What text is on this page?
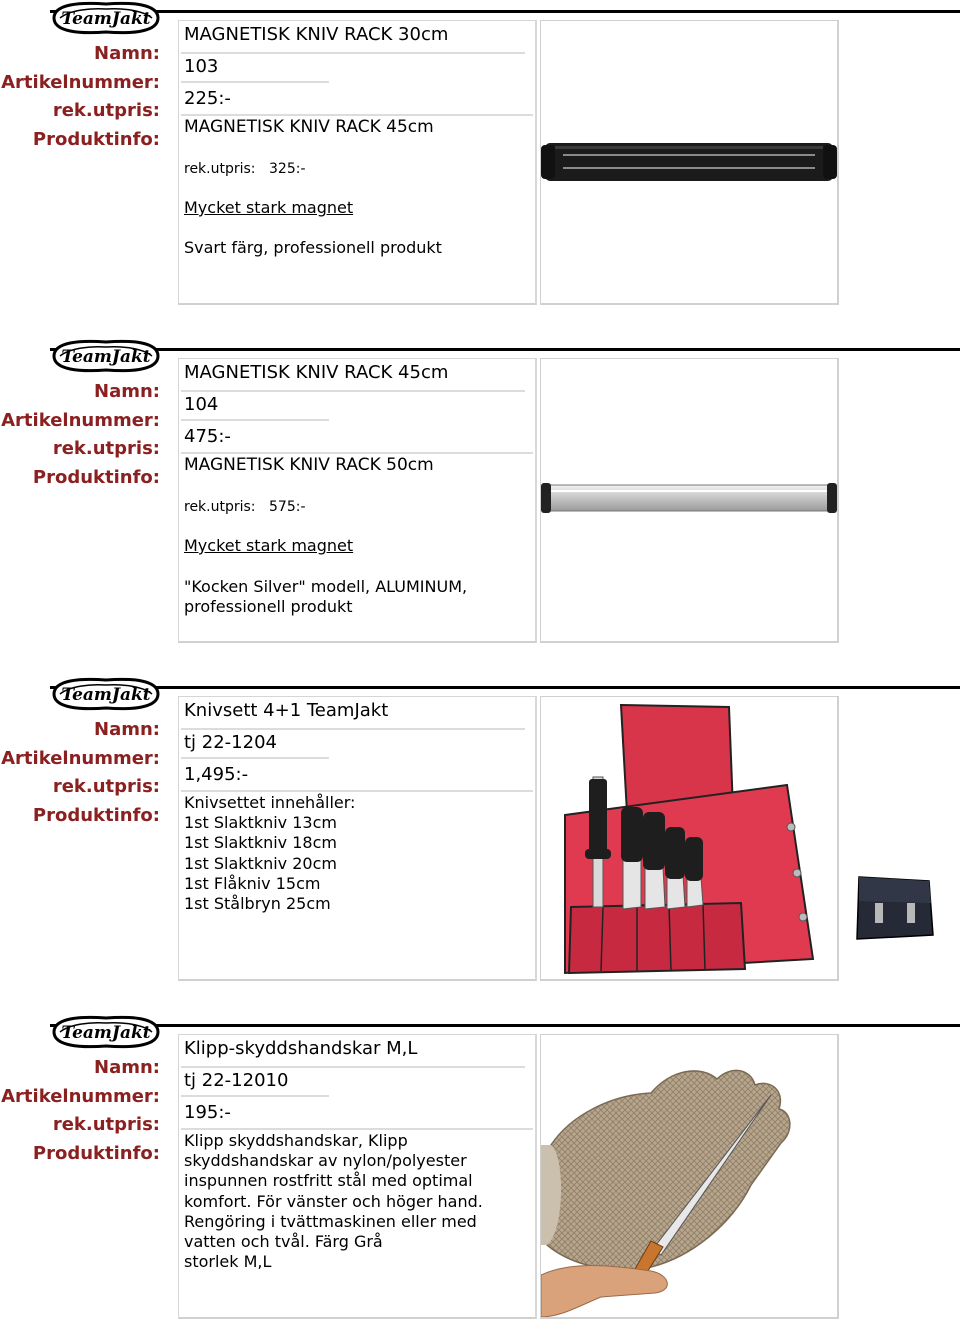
Namn:
Artikelnummer:
rek.utpris:
Produktinfo:
MAGNETISK KNIV RACK 30cm
103
225:-
MAGNETISK KNIV RACK 45cm
rek.utpris: 325:-
Mycket stark magnet
Svart färg, professionell produkt
Namn:
Artikelnummer:
rek.utpris:
Produktinfo:
MAGNETISK KNIV RACK 45cm
104
475:-
MAGNETISK KNIV RACK 50cm
rek.utpris: 575:-
Mycket stark magnet
"Kocken Silver" modell, ALUMINUM,
professionell produkt
Namn:
Artikelnummer:
rek.utpris:
Produktinfo:
Knivsett 4+1 TeamJakt
tj 22-1204
1,495:-
Knivsettet innehåller:
1st Slaktkniv 13cm
1st Slaktkniv 18cm
1st Slaktkniv 20cm
1st Flåkniv 15cm
1st Stålbryn 25cm
Namn:
Artikelnummer:
rek.utpris:
Produktinfo:
Klipp-skyddshandskar M,L
tj 22-12010
195:-
Klipp skyddshandskar, Klipp
skyddshandskar av nylon/polyester
inspunnen rostfritt stål med optimal
komfort. För vänster och höger hand.
Rengöring i tvättmaskinen eller med
vatten och tvål. Färg Grå
storlek M,L
